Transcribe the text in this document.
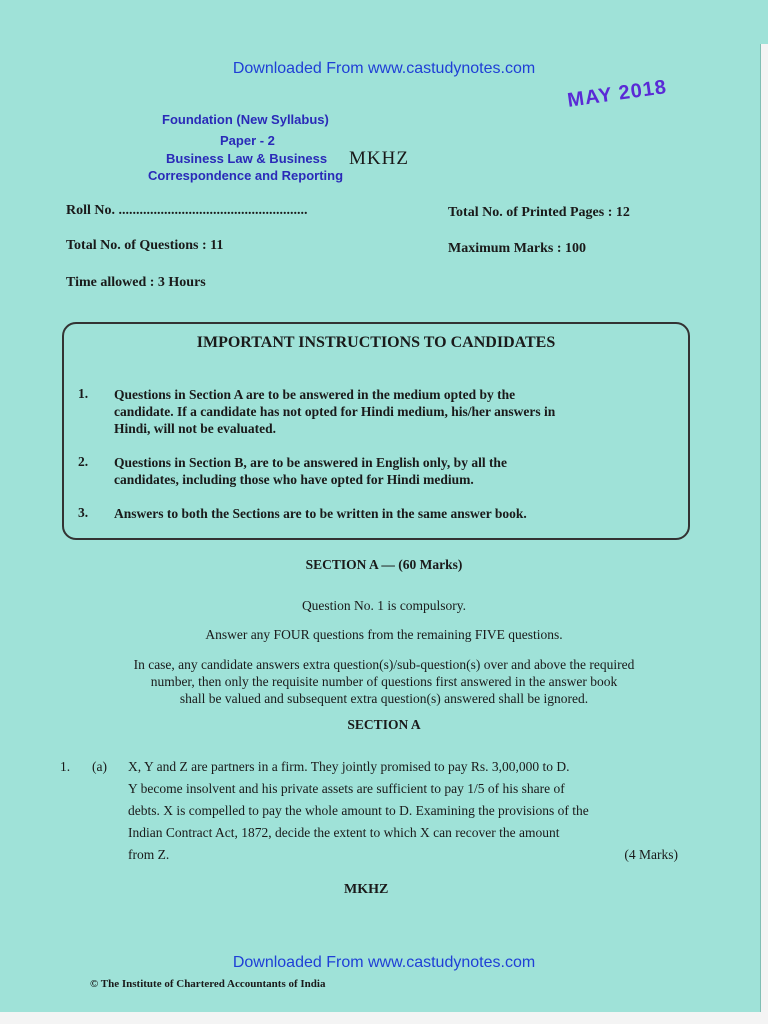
Downloaded From www.castudynotes.com
Foundation (New Syllabus)
Paper - 2
Business Law & Business
Correspondence and Reporting
MKHZ
MAY 2018
Roll No. ......................................................	Total No. of Printed Pages : 12
Total No. of Questions : 11	Maximum Marks : 100
Time allowed : 3 Hours
IMPORTANT INSTRUCTIONS TO CANDIDATES
1. Questions in Section A are to be answered in the medium opted by the
candidate. If a candidate has not opted for Hindi medium, his/her answers in
Hindi, will not be evaluated.
2. Questions in Section B, are to be answered in English only, by all the
candidates, including those who have opted for Hindi medium.
3. Answers to both the Sections are to be written in the same answer book.
SECTION A — (60 Marks)
Question No. 1 is compulsory.
Answer any FOUR questions from the remaining FIVE questions.
In case, any candidate answers extra question(s)/sub-question(s) over and above the required
number, then only the requisite number of questions first answered in the answer book
shall be valued and subsequent extra question(s) answered shall be ignored.
SECTION A
1. (a) X, Y and Z are partners in a firm. They jointly promised to pay Rs. 3,00,000 to D.
Y become insolvent and his private assets are sufficient to pay 1/5 of his share of
debts. X is compelled to pay the whole amount to D. Examining the provisions of the
Indian Contract Act, 1872, decide the extent to which X can recover the amount
from Z.	(4 Marks)
MKHZ
Downloaded From www.castudynotes.com
© The Institute of Chartered Accountants of India
